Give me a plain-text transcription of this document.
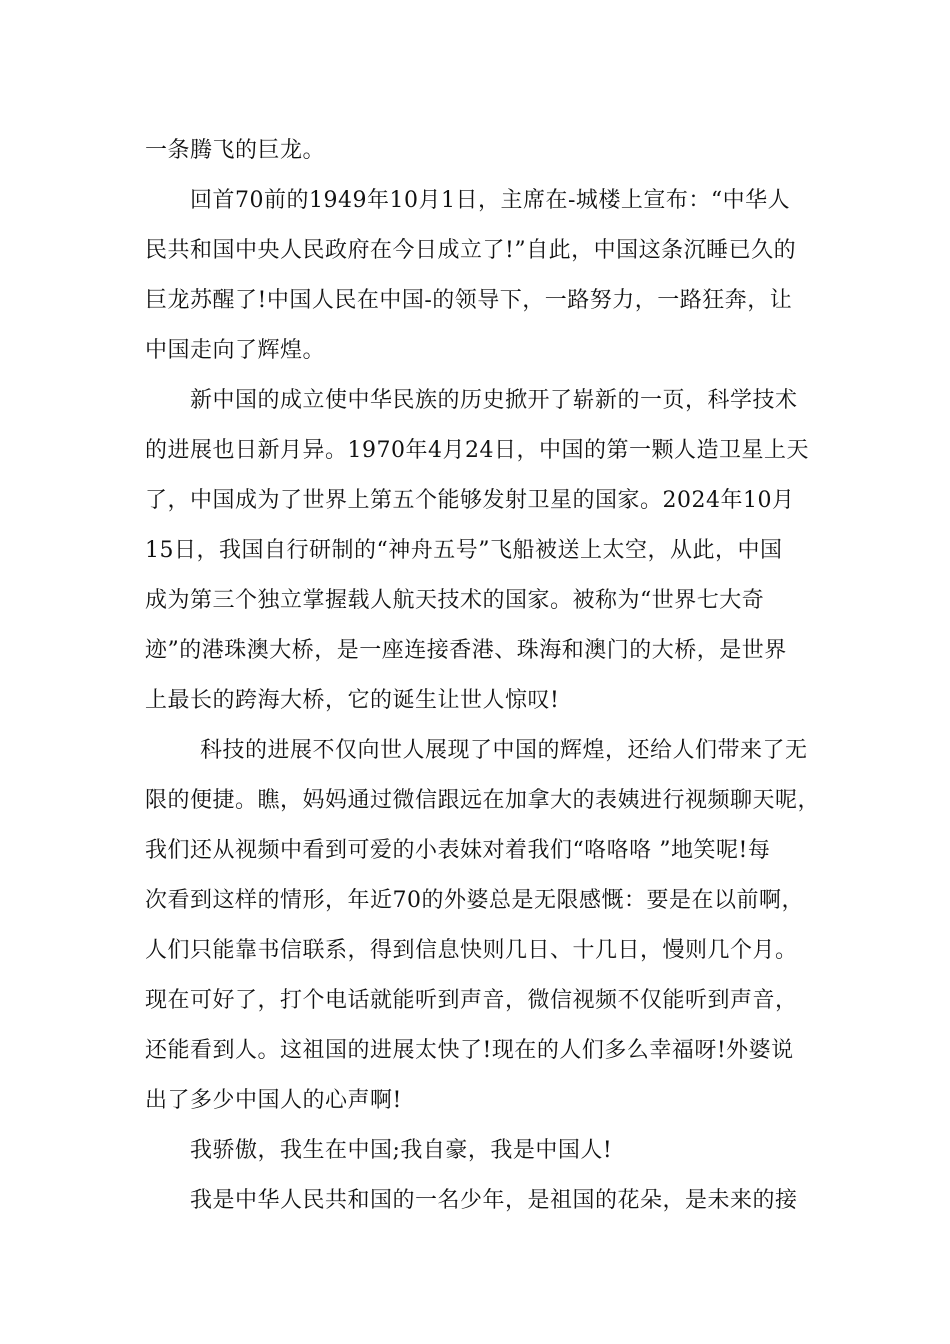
一条腾飞的巨龙。
回首70前的1949年10月1日，主席在-城楼上宣布：“中华人
民共和国中央人民政府在今日成立了!”自此，中国这条沉睡已久的
巨龙苏醒了!中国人民在中国-的领导下，一路努力，一路狂奔，让
中国走向了辉煌。
新中国的成立使中华民族的历史掀开了崭新的一页，科学技术
的进展也日新月异。1970年4月24日，中国的第一颗人造卫星上天
了，中国成为了世界上第五个能够发射卫星的国家。2024年10月
15日，我国自行研制的“神舟五号”飞船被送上太空，从此，中国
成为第三个独立掌握载人航天技术的国家。被称为“世界七大奇
迹”的港珠澳大桥，是一座连接香港、珠海和澳门的大桥，是世界
上最长的跨海大桥，它的诞生让世人惊叹!
科技的进展不仅向世人展现了中国的辉煌，还给人们带来了无
限的便捷。瞧，妈妈通过微信跟远在加拿大的表姨进行视频聊天呢，
我们还从视频中看到可爱的小表妹对着我们“咯咯咯 ”地笑呢!每
次看到这样的情形，年近70的外婆总是无限感慨：要是在以前啊，
人们只能靠书信联系，得到信息快则几日、十几日，慢则几个月。
现在可好了，打个电话就能听到声音，微信视频不仅能听到声音，
还能看到人。这祖国的进展太快了!现在的人们多么幸福呀!外婆说
出了多少中国人的心声啊!
我骄傲，我生在中国;我自豪，我是中国人!
我是中华人民共和国的一名少年，是祖国的花朵，是未来的接
